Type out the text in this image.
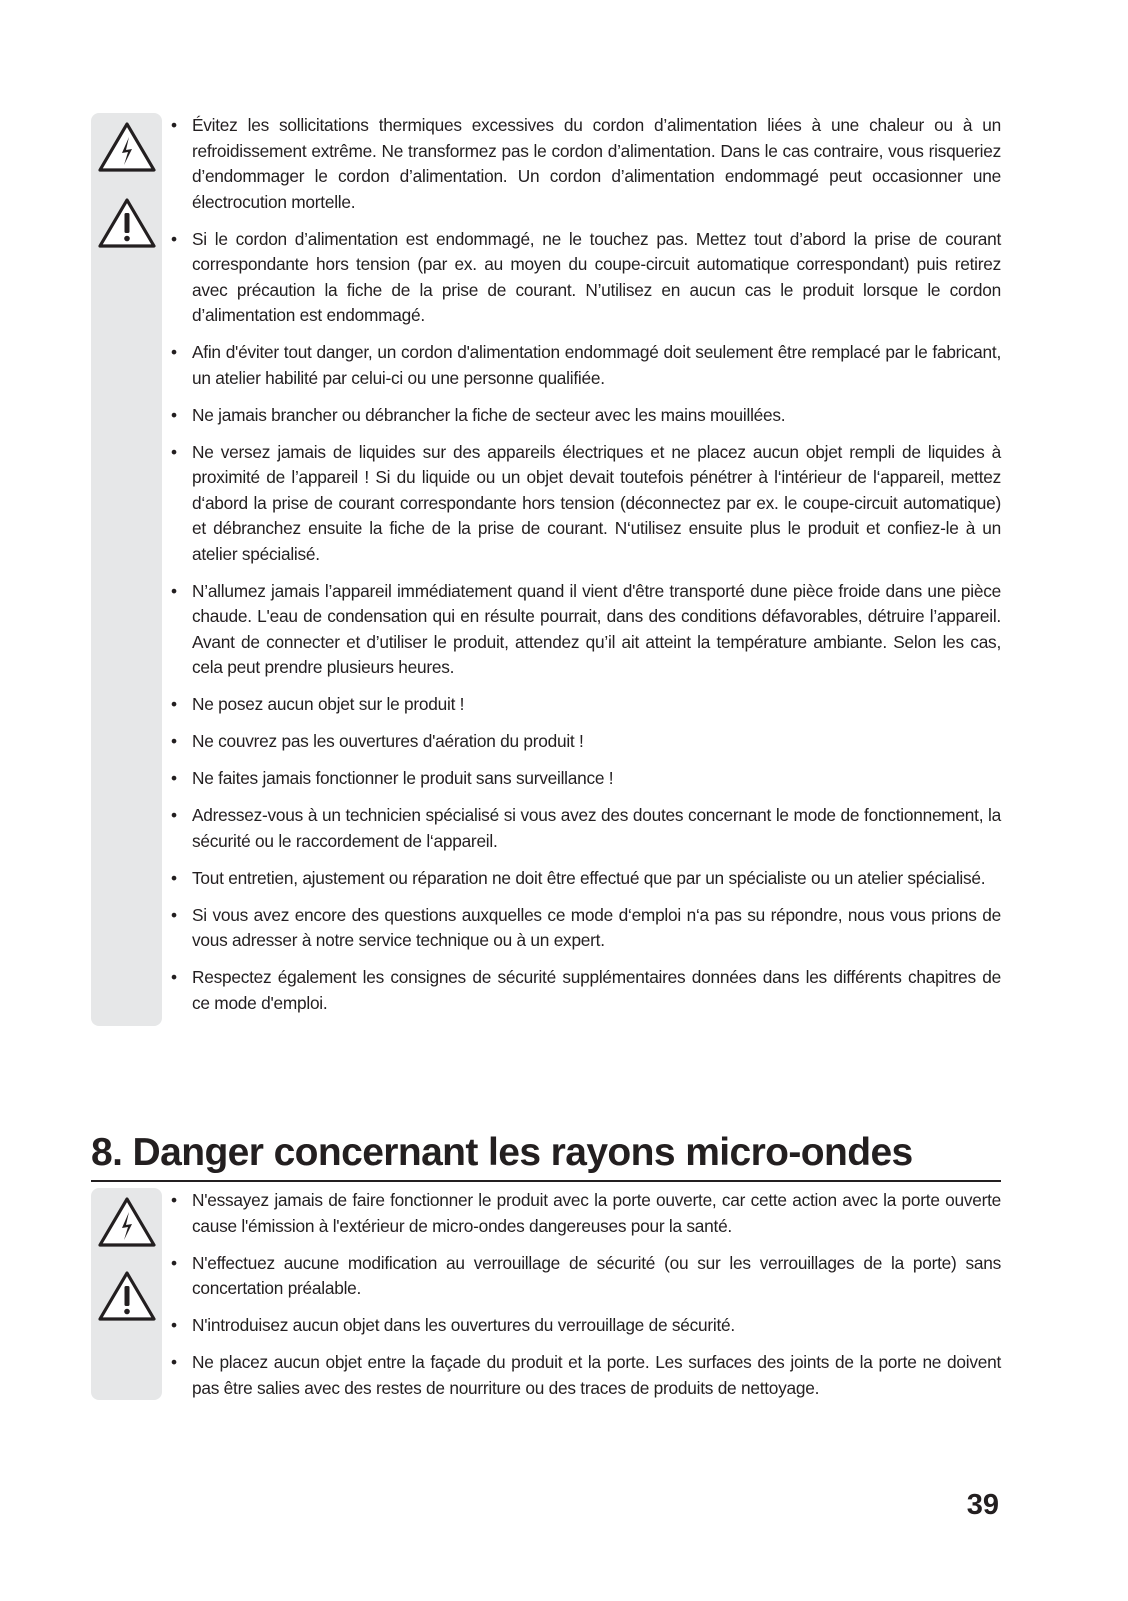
• Évitez les sollicitations thermiques excessives du cordon d’alimentation liées à une chaleur ou à un refroidissement extrême. Ne transformez pas le cordon d’alimentation. Dans le cas contraire, vous risqueriez d’endommager le cordon d’alimentation. Un cordon d’alimentation endommagé peut occasionner une électrocution mortelle.
• Si le cordon d’alimentation est endommagé, ne le touchez pas. Mettez tout d’abord la prise de courant correspondante hors tension (par ex. au moyen du coupe-circuit automatique correspondant) puis retirez avec précaution la fiche de la prise de courant. N’utilisez en aucun cas le produit lorsque le cordon d’alimentation est endommagé.
• Afin d'éviter tout danger, un cordon d'alimentation endommagé doit seulement être remplacé par le fabricant, un atelier habilité par celui-ci ou une personne qualifiée.
• Ne jamais brancher ou débrancher la fiche de secteur avec les mains mouillées.
• Ne versez jamais de liquides sur des appareils électriques et ne placez aucun objet rempli de liquides à proximité de l’appareil ! Si du liquide ou un objet devait toutefois pénétrer à l‘intérieur de l‘appareil, mettez d‘abord la prise de courant correspondante hors tension (déconnectez par ex. le coupe-circuit automatique) et débranchez ensuite la fiche de la prise de courant. N‘utilisez ensuite plus le produit et confiez-le à un atelier spécialisé.
• N’allumez jamais l’appareil immédiatement quand il vient d'être transporté dune pièce froide dans une pièce chaude. L'eau de condensation qui en résulte pourrait, dans des conditions défavorables, détruire l’appareil. Avant de connecter et d’utiliser le produit, attendez qu’il ait atteint la température ambiante. Selon les cas, cela peut prendre plusieurs heures.
• Ne posez aucun objet sur le produit !
• Ne couvrez pas les ouvertures d'aération du produit !
• Ne faites jamais fonctionner le produit sans surveillance !
• Adressez-vous à un technicien spécialisé si vous avez des doutes concernant le mode de fonctionnement, la sécurité ou le raccordement de l‘appareil.
• Tout entretien, ajustement ou réparation ne doit être effectué que par un spécialiste ou un atelier spécialisé.
• Si vous avez encore des questions auxquelles ce mode d‘emploi n‘a pas su répondre, nous vous prions de vous adresser à notre service technique ou à un expert.
• Respectez également les consignes de sécurité supplémentaires données dans les différents chapitres de ce mode d'emploi.
8. Danger concernant les rayons micro-ondes
• N'essayez jamais de faire fonctionner le produit avec la porte ouverte, car cette action avec la porte ouverte cause l'émission à l'extérieur de micro-ondes dangereuses pour la santé.
• N'effectuez aucune modification au verrouillage de sécurité (ou sur les verrouillages de la porte) sans concertation préalable.
• N'introduisez aucun objet dans les ouvertures du verrouillage de sécurité.
• Ne placez aucun objet entre la façade du produit et la porte. Les surfaces des joints de la porte ne doivent pas être salies avec des restes de nourriture ou des traces de produits de nettoyage.
39
